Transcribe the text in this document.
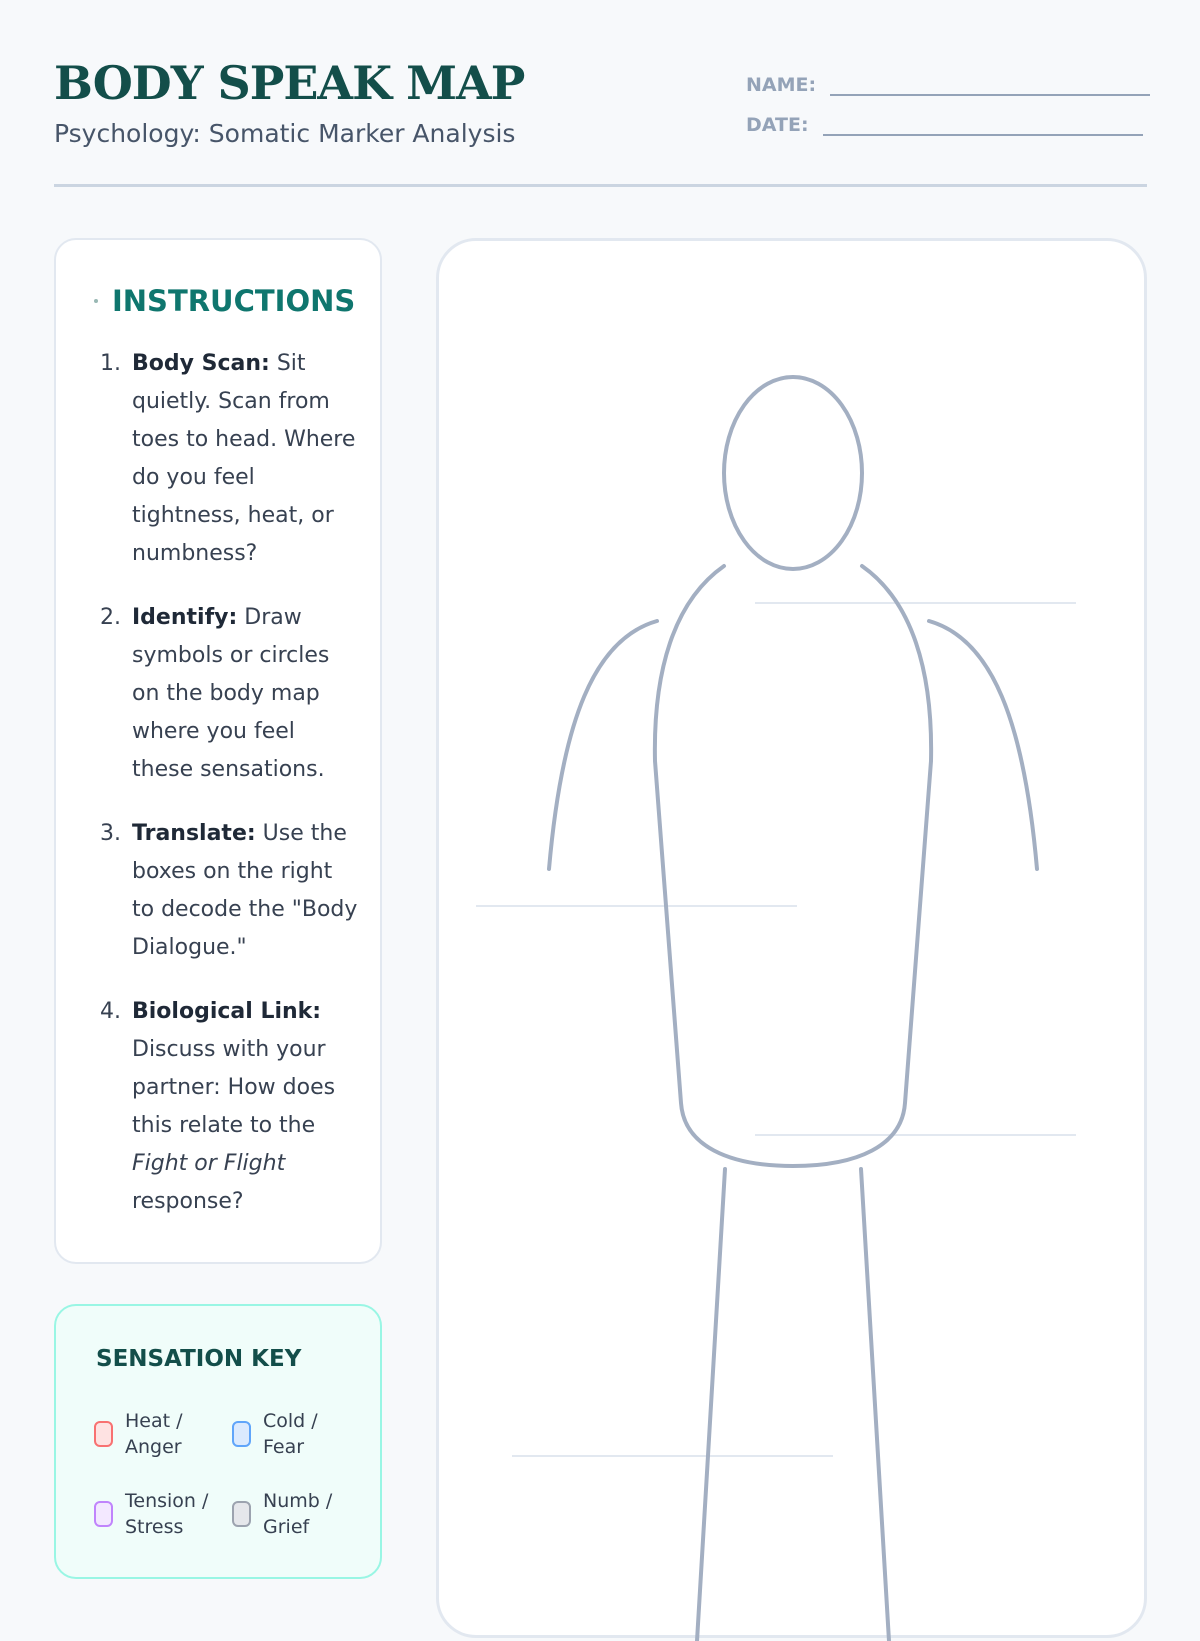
BODY SPEAK MAP
Psychology: Somatic Marker Analysis
NAME:
DATE:
INSTRUCTIONS
1. Body Scan: Sit quietly. Scan from toes to head. Where do you feel tightness, heat, or numbness?
2. Identify: Draw symbols or circles on the body map where you feel these sensations.
3. Translate: Use the boxes on the right to decode the "Body Dialogue."
4. Biological Link: Discuss with your partner: How does this relate to the Fight or Flight response?
SENSATION KEY
Heat / Anger
Cold / Fear
Tension / Stress
Numb / Grief
